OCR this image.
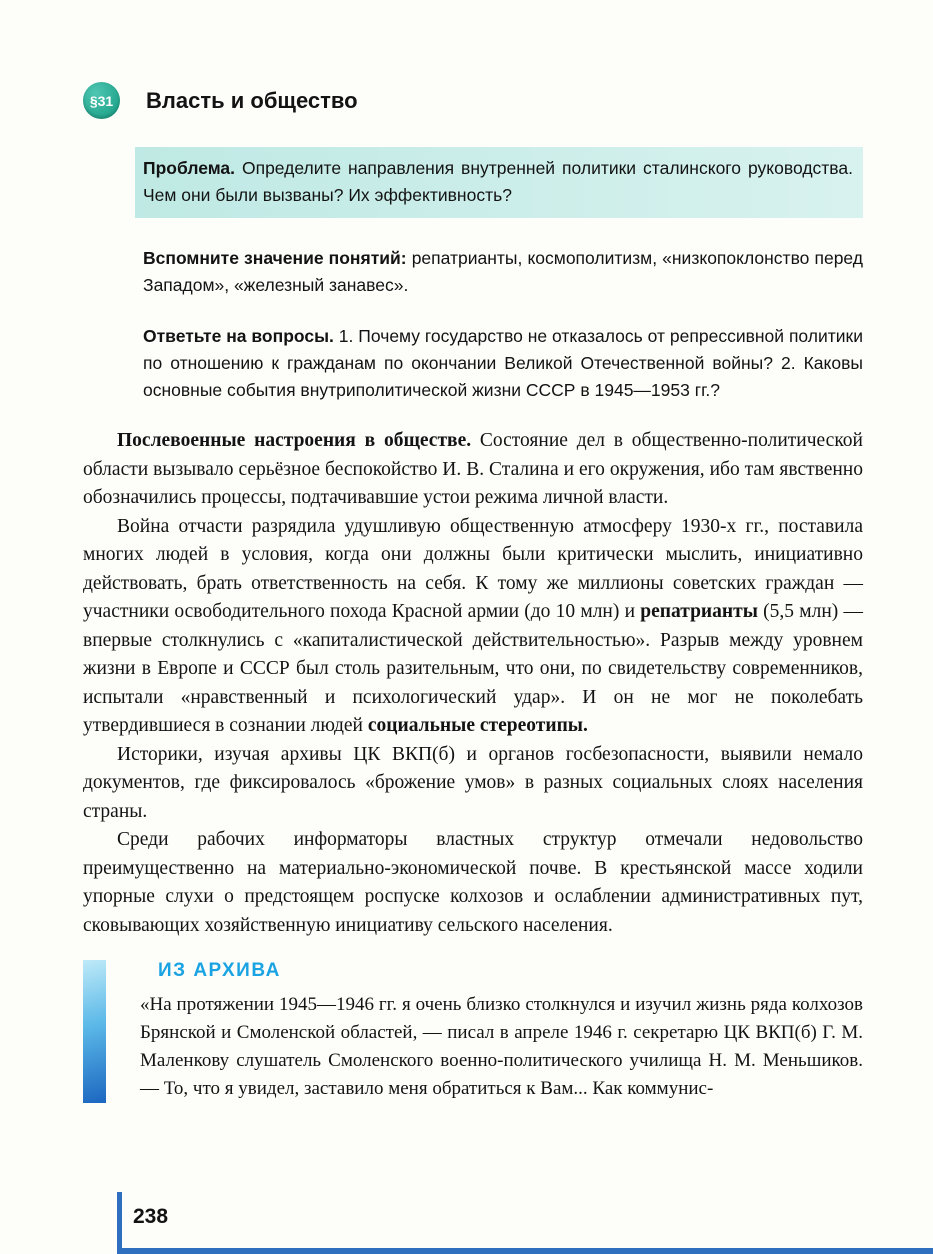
§31	Власть и общество
Проблема. Определите направления внутренней политики сталинского руководства. Чем они были вызваны? Их эффективность?
Вспомните значение понятий: репатрианты, космополитизм, «низкопоклонство перед Западом», «железный занавес».
Ответьте на вопросы. 1. Почему государство не отказалось от репрессивной политики по отношению к гражданам по окончании Великой Отечественной войны? 2. Каковы основные события внутриполитической жизни СССР в 1945—1953 гг.?

Послевоенные настроения в обществе. Состояние дел в общественно-политической области вызывало серьёзное беспокойство И. В. Сталина и его окружения, ибо там явственно обозначились процессы, подтачивавшие устои режима личной власти.

Война отчасти разрядила удушливую общественную атмосферу 1930-х гг., поставила многих людей в условия, когда они должны были критически мыслить, инициативно действовать, брать ответственность на себя. К тому же миллионы советских граждан — участники освободительного похода Красной армии (до 10 млн) и репатрианты (5,5 млн) — впервые столкнулись с «капиталистической действительностью». Разрыв между уровнем жизни в Европе и СССР был столь разительным, что они, по свидетельству современников, испытали «нравственный и психологический удар». И он не мог не поколебать утвердившиеся в сознании людей социальные стереотипы.

Историки, изучая архивы ЦК ВКП(б) и органов госбезопасности, выявили немало документов, где фиксировалось «брожение умов» в разных социальных слоях населения страны.

Среди рабочих информаторы властных структур отмечали недовольство преимущественно на материально-экономической почве. В крестьянской массе ходили упорные слухи о предстоящем роспуске колхозов и ослаблении административных пут, сковывающих хозяйственную инициативу сельского населения.

ИЗ АРХИВА
«На протяжении 1945—1946 гг. я очень близко столкнулся и изучил жизнь ряда колхозов Брянской и Смоленской областей, — писал в апреле 1946 г. секретарю ЦК ВКП(б) Г. М. Маленкову слушатель Смоленского военно-политического училища Н. М. Меньшиков. — То, что я увидел, заставило меня обратиться к Вам... Как коммунис-
238
